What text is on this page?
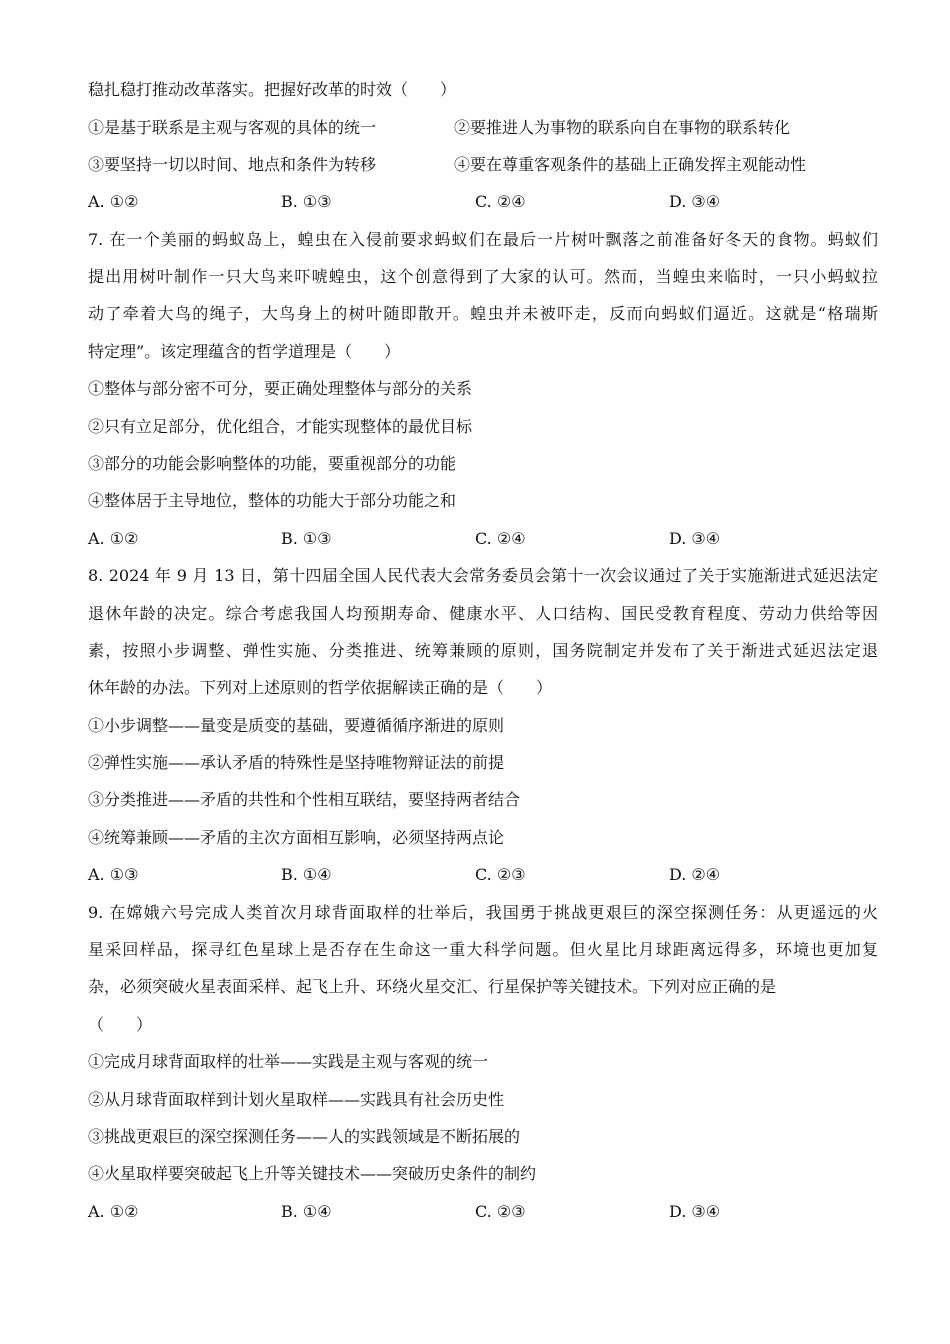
稳扎稳打推动改革落实。把握好改革的时效（　　）
①是基于联系是主观与客观的具体的统一	②要推进人为事物的联系向自在事物的联系转化
③要坚持一切以时间、地点和条件为转移	④要在尊重客观条件的基础上正确发挥主观能动性
A. ①②	B. ①③	C. ②④	D. ③④
7. 在一个美丽的蚂蚁岛上，蝗虫在入侵前要求蚂蚁们在最后一片树叶飘落之前准备好冬天的食物。蚂蚁们
提出用树叶制作一只大鸟来吓唬蝗虫，这个创意得到了大家的认可。然而，当蝗虫来临时，一只小蚂蚁拉
动了牵着大鸟的绳子，大鸟身上的树叶随即散开。蝗虫并未被吓走，反而向蚂蚁们逼近。这就是“格瑞斯
特定理”。该定理蕴含的哲学道理是（　　）
①整体与部分密不可分，要正确处理整体与部分的关系
②只有立足部分，优化组合，才能实现整体的最优目标
③部分的功能会影响整体的功能，要重视部分的功能
④整体居于主导地位，整体的功能大于部分功能之和
A. ①②	B. ①③	C. ②④	D. ③④
8. 2024 年 9 月 13 日，第十四届全国人民代表大会常务委员会第十一次会议通过了关于实施渐进式延迟法定
退休年龄的决定。综合考虑我国人均预期寿命、健康水平、人口结构、国民受教育程度、劳动力供给等因
素，按照小步调整、弹性实施、分类推进、统筹兼顾的原则，国务院制定并发布了关于渐进式延迟法定退
休年龄的办法。下列对上述原则的哲学依据解读正确的是（　　）
①小步调整——量变是质变的基础，要遵循循序渐进的原则
②弹性实施——承认矛盾的特殊性是坚持唯物辩证法的前提
③分类推进——矛盾的共性和个性相互联结，要坚持两者结合
④统筹兼顾——矛盾的主次方面相互影响，必须坚持两点论
A. ①③	B. ①④	C. ②③	D. ②④
9. 在嫦娥六号完成人类首次月球背面取样的壮举后，我国勇于挑战更艰巨的深空探测任务：从更遥远的火
星采回样品，探寻红色星球上是否存在生命这一重大科学问题。但火星比月球距离远得多，环境也更加复
杂，必须突破火星表面采样、起飞上升、环绕火星交汇、行星保护等关键技术。下列对应正确的是
（　　）
①完成月球背面取样的壮举——实践是主观与客观的统一
②从月球背面取样到计划火星取样——实践具有社会历史性
③挑战更艰巨的深空探测任务——人的实践领域是不断拓展的
④火星取样要突破起飞上升等关键技术——突破历史条件的制约
A. ①②	B. ①④	C. ②③	D. ③④
